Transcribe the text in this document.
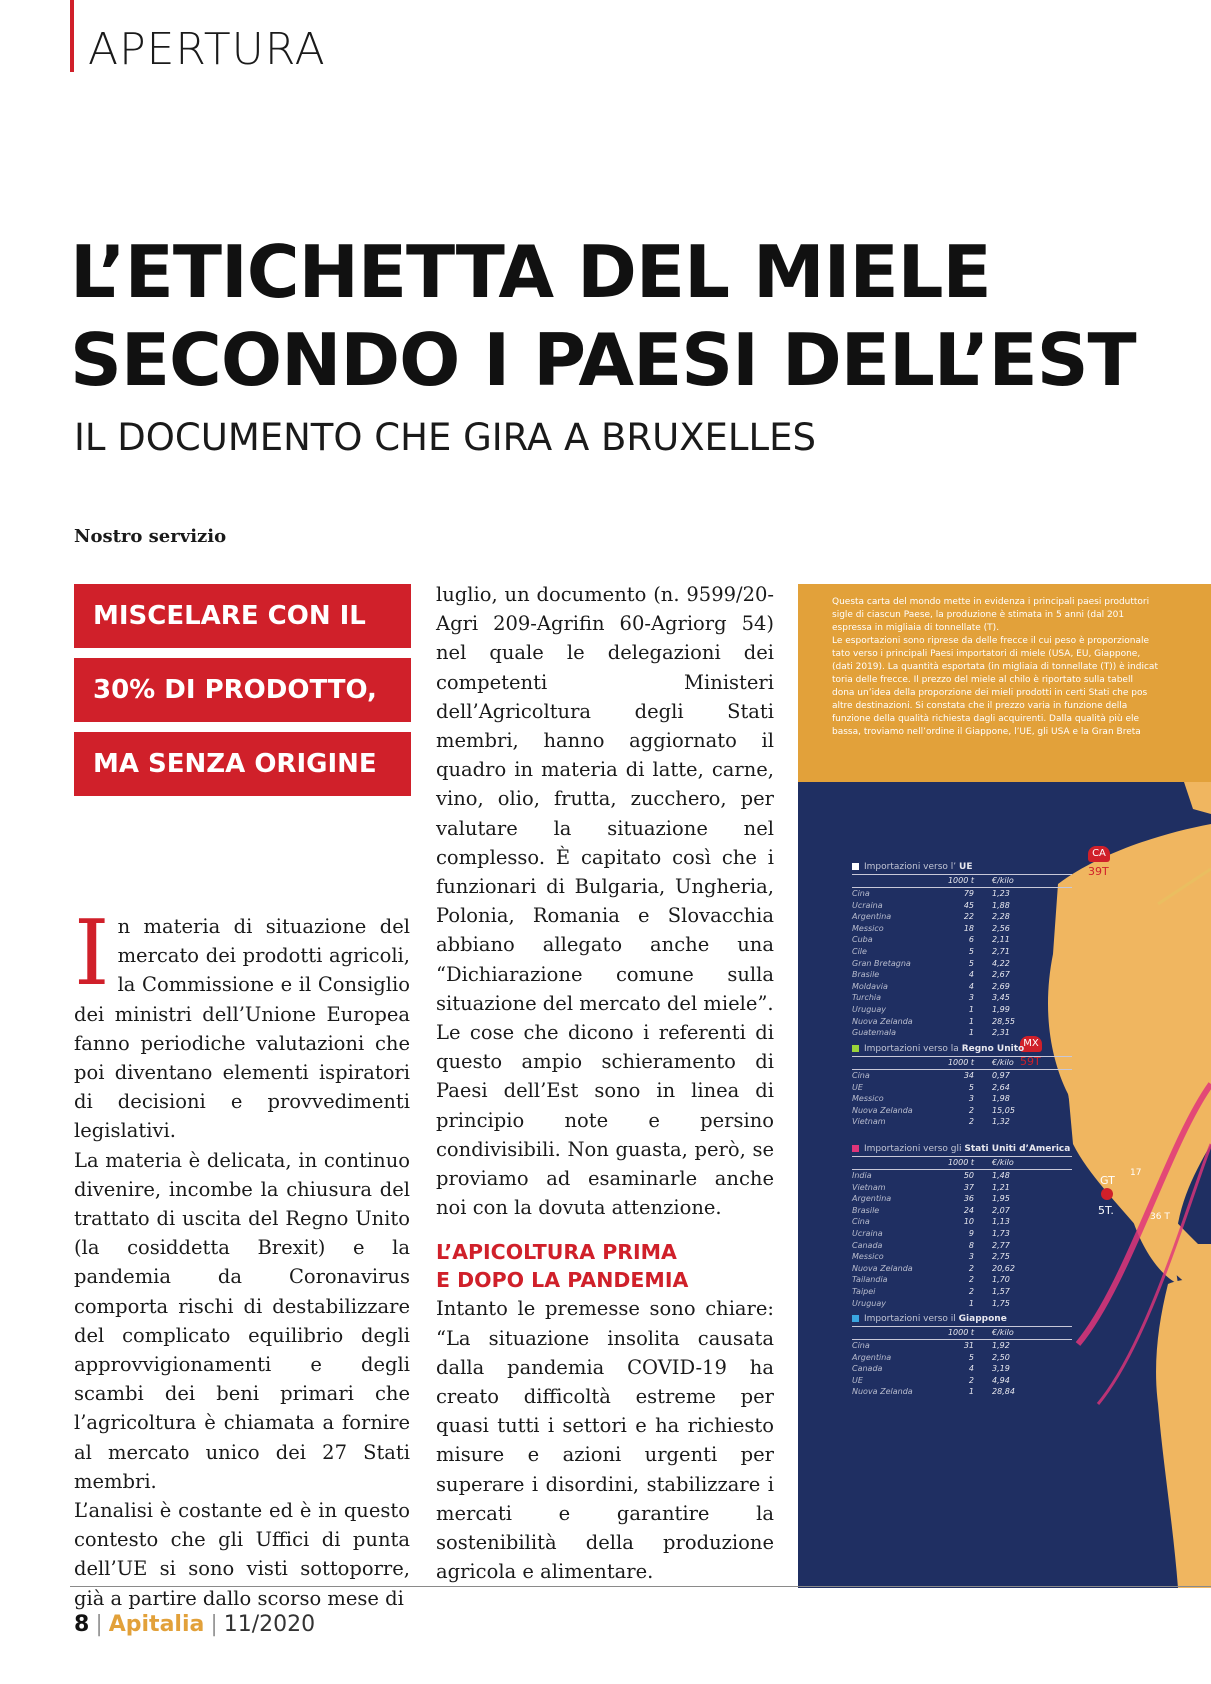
APERTURA
L’ETICHETTA DEL MIELE
SECONDO I PAESI DELL’EST
IL DOCUMENTO CHE GIRA A BRUXELLES
Nostro servizio
MISCELARE CON IL
30% DI PRODOTTO,
MA SENZA ORIGINE

In materia di situazione del mercato dei prodotti agricoli, la Commissione e il Consiglio dei ministri dell’Unione Europea fanno periodiche valutazioni che poi diventano elementi ispiratori di decisioni e provvedimenti legislativi.

La materia è delicata, in continuo divenire, incombe la chiusura del trattato di uscita del Regno Unito (la cosiddetta Brexit) e la pandemia da Coronavirus comporta rischi di destabilizzare del complicato equilibrio degli approvvigionamenti e degli scambi dei beni primari che l’agricoltura è chiamata a fornire al mercato unico dei 27 Stati membri.

L’analisi è costante ed è in questo contesto che gli Uffici di punta dell’UE si sono visti sottoporre, già a partire dallo scorso mese di

luglio, un documento (n. 9599/20-Agri 209-Agrifin 60-Agriorg 54) nel quale le delegazioni dei competenti Ministeri dell’Agricoltura degli Stati membri, hanno aggiornato il quadro in materia di latte, carne, vino, olio, frutta, zucchero, per valutare la situazione nel complesso. È capitato così che i funzionari di Bulgaria, Ungheria, Polonia, Romania e Slovacchia abbiano allegato anche una “Dichiarazione comune sulla situazione del mercato del miele”.

Le cose che dicono i referenti di questo ampio schieramento di Paesi dell’Est sono in linea di principio note e persino condivisibili. Non guasta, però, se proviamo ad esaminarle anche noi con la dovuta attenzione.

L’APICOLTURA PRIMA
E DOPO LA PANDEMIA

Intanto le premesse sono chiare: “La situazione insolita causata dalla pandemia COVID-19 ha creato difficoltà estreme per quasi tutti i settori e ha richiesto misure e azioni urgenti per superare i disordini, stabilizzare i mercati e garantire la sostenibilità della produzione agricola e alimentare.

Questa carta del mondo mette in evidenza i principali paesi produttori
sigle di ciascun Paese, la produzione è stimata in 5 anni (dal 201
espressa in migliaia di tonnellate (T).
Le esportazioni sono riprese da delle frecce il cui peso è proporzionale
tato verso i principali Paesi importatori di miele (USA, EU, Giappone,
(dati 2019). La quantità esportata (in migliaia di tonnellate (T)) è indicat
toria delle frecce. Il prezzo del miele al chilo è riportato sulla tabell
dona un’idea della proporzione dei mieli prodotti in certi Stati che pos
altre destinazioni. Si constata che il prezzo varia in funzione della
funzione della qualità richiesta dagli acquirenti. Dalla qualità più ele
bassa, troviamo nell’ordine il Giappone, l’UE, gli USA e la Gran Breta
CA
39T
MX
59T
GT
5T.
17
36 T
Importazioni verso l’ UE
1000 t €/kilo
Cina	79 1,23
Ucraina	45 1,88
Argentina	22 2,28
Messico	18 2,56
Cuba	6 2,11
Cile	5 2,71
Gran Bretagna	5 4,22
Brasile	4 2,67
Moldavia	4 2,69
Turchia	3 3,45
Uruguay	1 1,99
Nuova Zelanda	1 28,55
Guatemala	1 2,31
Importazioni verso la Regno Unito
1000 t €/kilo
Cina	34 0,97
UE	5 2,64
Messico	3 1,98
Nuova Zelanda	2 15,05
Vietnam	2 1,32
Importazioni verso gli Stati Uniti d’America
1000 t €/kilo
India	50 1,48
Vietnam	37 1,21
Argentina	36 1,95
Brasile	24 2,07
Cina	10 1,13
Ucraina	9 1,73
Canada	8 2,77
Messico	3 2,75
Nuova Zelanda	2 20,62
Tailandia	2 1,70
Taipei	2 1,57
Uruguay	1 1,75
Importazioni verso il Giappone
1000 t €/kilo
Cina	31 1,92
Argentina	5 2,50
Canada	4 3,19
UE	2 4,94
Nuova Zelanda	1 28,84
8 | Apitalia | 11/2020
